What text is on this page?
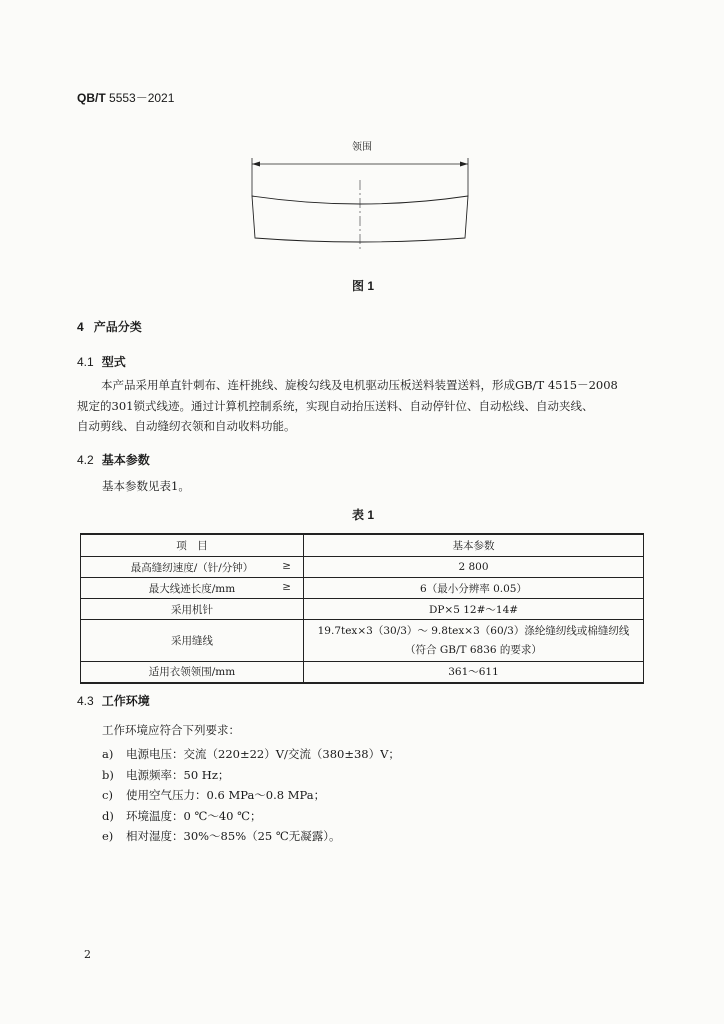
QB/T 5553－2021
领围
图 1
4 产品分类
4.1 型式
本产品采用单直针刺布、连杆挑线、旋梭勾线及电机驱动压板送料装置送料，形成GB/T 4515－2008
规定的301锁式线迹。通过计算机控制系统，实现自动抬压送料、自动停针位、自动松线、自动夹线、
自动剪线、自动缝纫衣领和自动收料功能。
4.2 基本参数
基本参数见表1。
表 1
项　目	基本参数

最高缝纫速度/（针/分钟） ≥	2 800

最大线迹长度/mm ≥	6（最小分辨率 0.05）
采用机针	DP×5 12#～14#
采用缝线	19.7tex×3（30/3）～ 9.8tex×3（60/3）涤纶缝纫线或棉缝纫线
（符合 GB/T 6836 的要求）

适用衣领领围/mm	361～611
4.3 工作环境
工作环境应符合下列要求：
a) 电源电压：交流（220±22）V/交流（380±38）V；
b) 电源频率：50 Hz；
c) 使用空气压力：0.6 MPa～0.8 MPa；
d) 环境温度：0 ℃～40 ℃；
e) 相对湿度：30%～85%（25 ℃无凝露）。
2
